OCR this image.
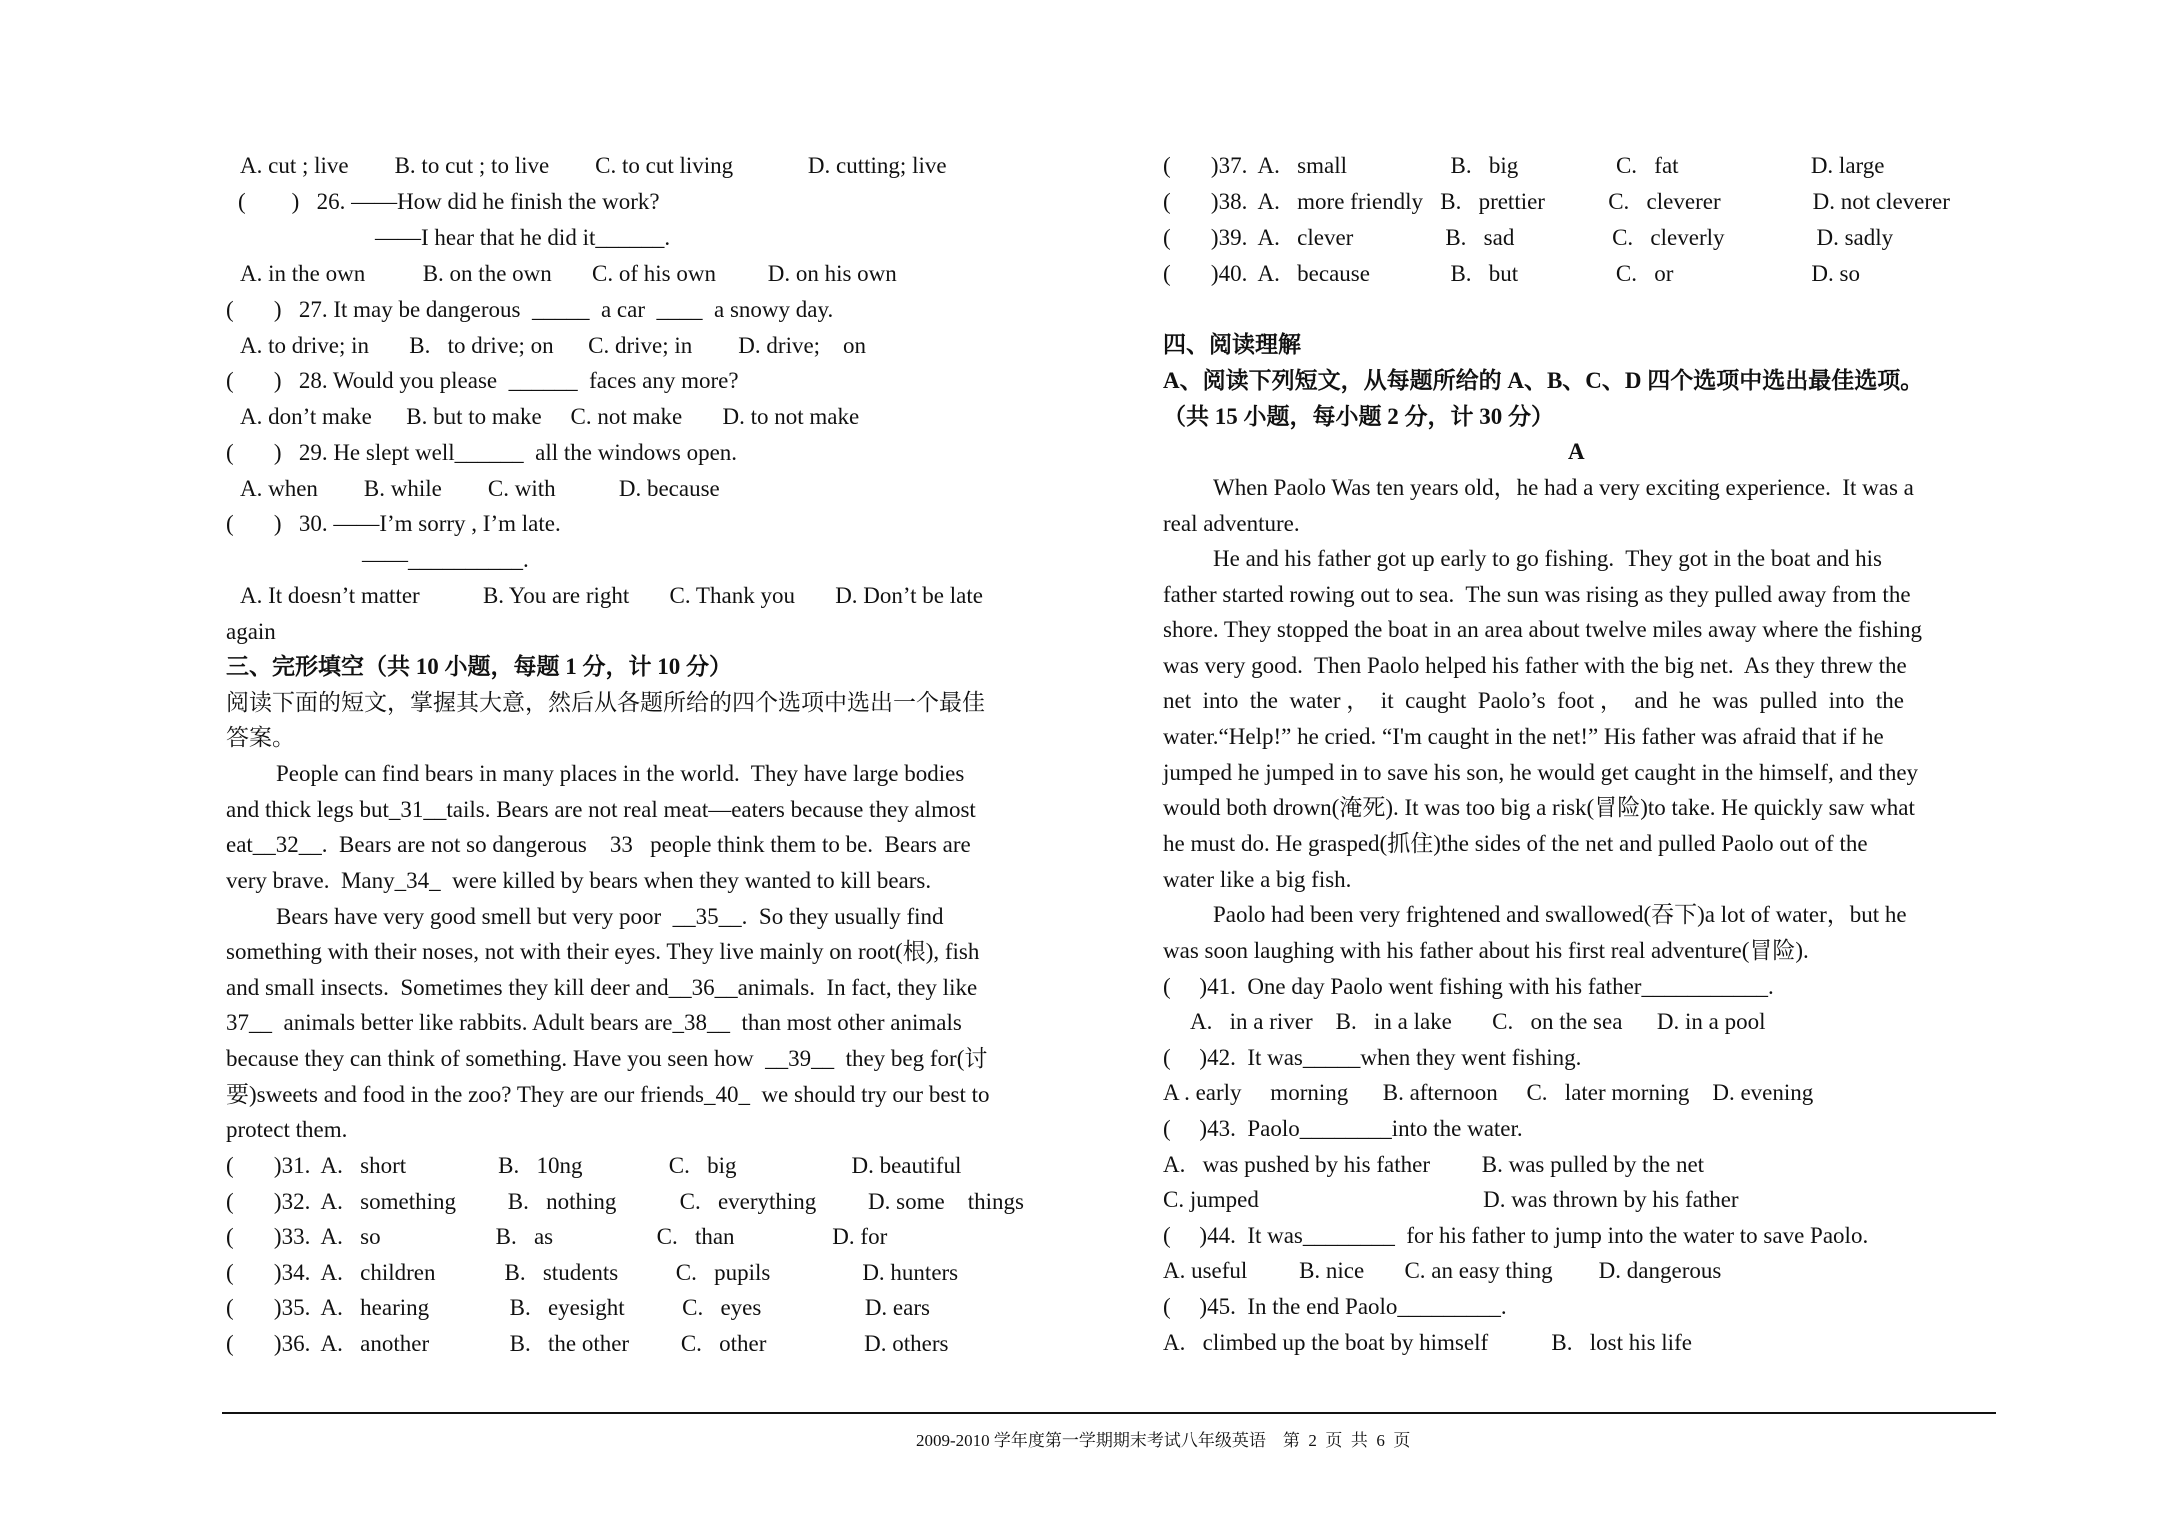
A. cut ; live        B. to cut ; to live        C. to cut living             D. cutting; live
(        )   26. ——How did he finish the work?
——I hear that he did it______.
A. in the own          B. on the own       C. of his own         D. on his own
(       )   27. It may be dangerous  _____  a car  ____  a snowy day.
A. to drive; in       B.   to drive; on      C. drive; in        D. drive;    on
(       )   28. Would you please  ______  faces any more?
A. don’t make      B. but to make     C. not make       D. to not make
(       )   29. He slept well______  all the windows open.
A. when        B. while        C. with           D. because
(       )   30. ——I’m sorry , I’m late.
——__________.
A. It doesn’t matter           B. You are right       C. Thank you       D. Don’t be late
again
三、完形填空（共 10 小题，每题 1 分，计 10 分）
阅读下面的短文，掌握其大意，然后从各题所给的四个选项中选出一个最佳
答案。
People can find bears in many places in the world.  They have large bodies
and thick legs but_31__tails. Bears are not real meat—eaters because they almost
eat__32__.  Bears are not so dangerous    33   people think them to be.  Bears are
very brave.  Many_34_  were killed by bears when they wanted to kill bears.
Bears have very good smell but very poor  __35__.  So they usually find
something with their noses, not with their eyes. They live mainly on root(根), fish
and small insects.  Sometimes they kill deer and__36__animals.  In fact, they like
37__  animals better like rabbits. Adult bears are_38__  than most other animals
because they can think of something. Have you seen how  __39__  they beg for(讨
要)sweets and food in the zoo? They are our friends_40_  we should try our best to
protect them.
(       )31.  A.   short                B.   10ng               C.   big                    D. beautiful
(       )32.  A.   something         B.   nothing           C.   everything         D. some    things
(       )33.  A.   so                    B.   as                  C.   than                 D. for
(       )34.  A.   children            B.   students          C.   pupils                D. hunters
(       )35.  A.   hearing              B.   eyesight          C.   eyes                  D. ears
(       )36.  A.   another              B.   the other         C.   other                 D. others
(       )37.  A.   small                  B.   big                 C.   fat                       D. large
(       )38.  A.   more friendly   B.   prettier           C.   cleverer                D. not cleverer
(       )39.  A.   clever                B.   sad                 C.   cleverly                D. sadly
(       )40.  A.   because              B.   but                 C.   or                        D. so
四、阅读理解
A、阅读下列短文，从每题所给的 A、B、C、D 四个选项中选出最佳选项。
（共 15 小题，每小题 2 分，计 30 分）
A
When Paolo Was ten years old，he had a very exciting experience.  It was a
real adventure.
He and his father got up early to go fishing.  They got in the boat and his
father started rowing out to sea.  The sun was rising as they pulled away from the
shore. They stopped the boat in an area about twelve miles away where the fishing
was very good.  Then Paolo helped his father with the big net.  As they threw the
net  into  the  water ，  it  caught  Paolo’s  foot ，  and  he  was  pulled  into  the
water.“Help!” he cried. “I'm caught in the net!” His father was afraid that if he
jumped he jumped in to save his son, he would get caught in the himself, and they
would both drown(淹死). It was too big a risk(冒险)to take. He quickly saw what
he must do. He grasped(抓住)the sides of the net and pulled Paolo out of the
water like a big fish.
Paolo had been very frightened and swallowed(吞下)a lot of water，but he
was soon laughing with his father about his first real adventure(冒险).
(     )41.  One day Paolo went fishing with his father___________.
A.   in a river    B.   in a lake       C.   on the sea      D. in a pool
(     )42.  It was_____when they went fishing.
A . early     morning      B. afternoon     C.   later morning    D. evening
(     )43.  Paolo________into the water.
A.   was pushed by his father         B. was pulled by the net
C. jumped                                       D. was thrown by his father
(     )44.  It was________  for his father to jump into the water to save Paolo.
A. useful         B. nice       C. an easy thing        D. dangerous
(     )45.  In the end Paolo_________.
A.   climbed up the boat by himself           B.   lost his life
2009-2010 学年度第一学期期末考试八年级英语    第  2  页  共  6  页
